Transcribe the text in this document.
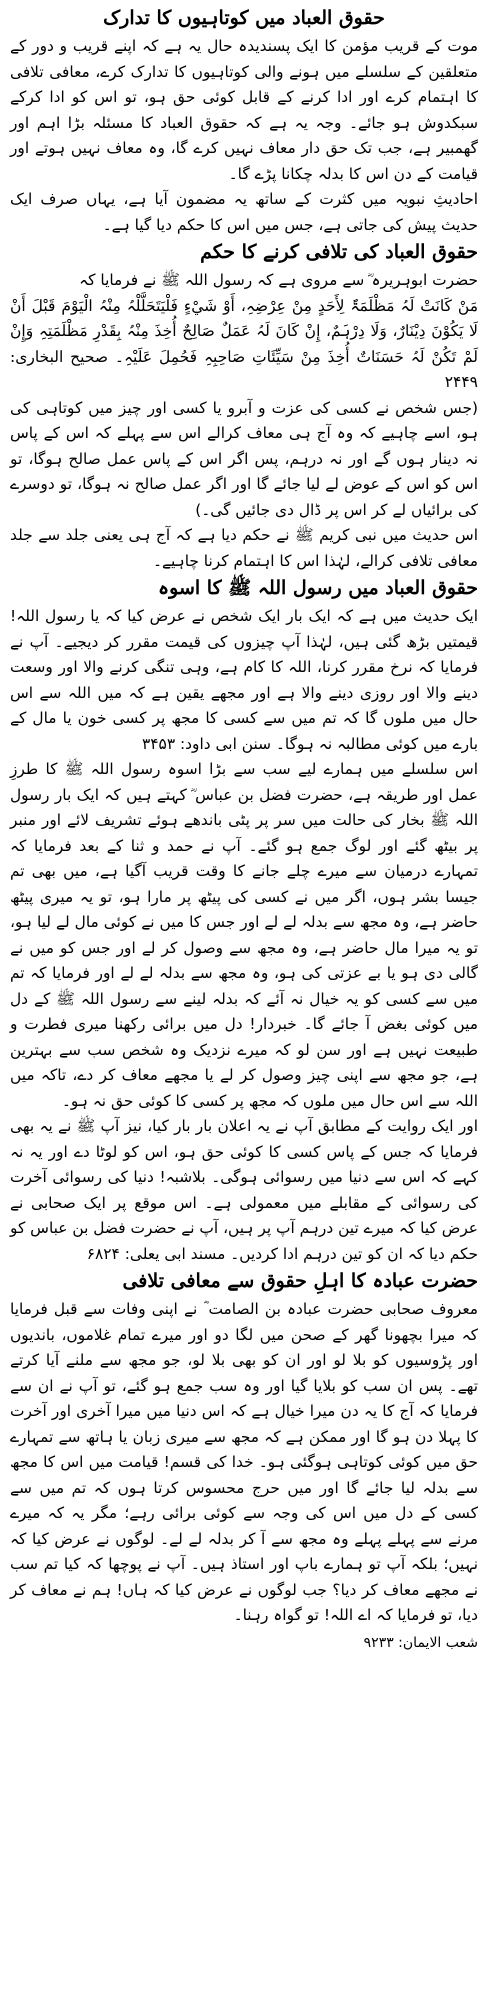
حقوق العباد میں کوتاہیوں کا تدارک

موت کے قریب مؤمن کا ایک پسندیدہ حال یہ ہے کہ اپنے قریب و دور کے متعلقین کے سلسلے میں ہونے والی کوتاہیوں کا تدارک کرے، معافی تلافی کا اہتمام کرے اور ادا کرنے کے قابل کوئی حق ہو، تو اس کو ادا کرکے سبکدوش ہو جائے۔ وجہ یہ ہے کہ حقوق العباد کا مسئلہ بڑا اہم اور گھمبیر ہے، جب تک حق دار معاف نہیں کرے گا، وہ معاف نہیں ہوتے اور قیامت کے دن اس کا بدلہ چکانا پڑے گا۔

احادیثِ نبویہ میں کثرت کے ساتھ یہ مضمون آیا ہے، یہاں صرف ایک حدیث پیش کی جاتی ہے، جس میں اس کا حکم دیا گیا ہے۔

حقوق العباد کی تلافی کرنے کا حکم

حضرت ابوہریرہ ؓ سے مروی ہے کہ رسول اللہ ﷺ نے فرمایا کہ

مَنْ کَانَتْ لَہُ مَظْلَمَۃٌ لِأَحَدٍ مِنْ عِرْضِہِ، أَوْ شَيْءٍ فَلْیَتَحَلَّلْہُ مِنْہُ الْیَوْمَ قَبْلَ أَنْ لَا یَکُوْنَ دِیْنَارٌ، وَلَا دِرْہَمٌ، إِنْ کَانَ لَہُ عَمَلٌ صَالِحٌ أُخِذَ مِنْہُ بِقَدْرِ مَظْلَمَتِہِ وَإِنْ لَمْ تَکُنْ لَہُ حَسَنَاتٌ أُخِذَ مِنْ سَیِّئَاتِ صَاحِبِہِ فَحُمِلَ عَلَیْہِ۔ صحیح البخاری: ۲۴۴۹

(جس شخص نے کسی کی عزت و آبرو یا کسی اور چیز میں کوتاہی کی ہو، اسے چاہیے کہ وہ آج ہی معاف کرالے اس سے پہلے کہ اس کے پاس نہ دینار ہوں گے اور نہ درہم، پس اگر اس کے پاس عمل صالح ہوگا، تو اس کو اس کے عوض لے لیا جائے گا اور اگر عمل صالح نہ ہوگا، تو دوسرے کی برائیاں لے کر اس پر ڈال دی جائیں گی۔)

اس حدیث میں نبی کریم ﷺ نے حکم دیا ہے کہ آج ہی یعنی جلد سے جلد معافی تلافی کرالے، لہٰذا اس کا اہتمام کرنا چاہیے۔

حقوق العباد میں رسول اللہ ﷺ کا اسوہ

ایک حدیث میں ہے کہ ایک بار ایک شخص نے عرض کیا کہ یا رسول اللہ! قیمتیں بڑھ گئی ہیں، لہٰذا آپ چیزوں کی قیمت مقرر کر دیجیے۔ آپ نے فرمایا کہ نرخ مقرر کرنا، اللہ کا کام ہے، وہی تنگی کرنے والا اور وسعت دینے والا اور روزی دینے والا ہے اور مجھے یقین ہے کہ میں اللہ سے اس حال میں ملوں گا کہ تم میں سے کسی کا مجھ پر کسی خون یا مال کے بارے میں کوئی مطالبہ نہ ہوگا۔ سنن ابی داود: ۳۴۵۳

اس سلسلے میں ہمارے لیے سب سے بڑا اسوہ رسول اللہ ﷺ کا طرزِ عمل اور طریقہ ہے، حضرت فضل بن عباس ؓ کہتے ہیں کہ ایک بار رسول اللہ ﷺ بخار کی حالت میں سر پر پٹی باندھے ہوئے تشریف لائے اور منبر پر بیٹھ گئے اور لوگ جمع ہو گئے۔ آپ نے حمد و ثنا کے بعد فرمایا کہ تمہارے درمیان سے میرے چلے جانے کا وقت قریب آگیا ہے، میں بھی تم جیسا بشر ہوں، اگر میں نے کسی کی پیٹھ پر مارا ہو، تو یہ میری پیٹھ حاضر ہے، وہ مجھ سے بدلہ لے لے اور جس کا میں نے کوئی مال لے لیا ہو، تو یہ میرا مال حاضر ہے، وہ مجھ سے وصول کر لے اور جس کو میں نے گالی دی ہو یا بے عزتی کی ہو، وہ مجھ سے بدلہ لے لے اور فرمایا کہ تم میں سے کسی کو یہ خیال نہ آئے کہ بدلہ لینے سے رسول اللہ ﷺ کے دل میں کوئی بغض آ جائے گا۔ خبردار! دل میں برائی رکھنا میری فطرت و طبیعت نہیں ہے اور سن لو کہ میرے نزدیک وہ شخص سب سے بہترین ہے، جو مجھ سے اپنی چیز وصول کر لے یا مجھے معاف کر دے، تاکہ میں اللہ سے اس حال میں ملوں کہ مجھ پر کسی کا کوئی حق نہ ہو۔

اور ایک روایت کے مطابق آپ نے یہ اعلان بار بار کیا، نیز آپ ﷺ نے یہ بھی فرمایا کہ جس کے پاس کسی کا کوئی حق ہو، اس کو لوٹا دے اور یہ نہ کہے کہ اس سے دنیا میں رسوائی ہوگی۔ بلاشبہ! دنیا کی رسوائی آخرت کی رسوائی کے مقابلے میں معمولی ہے۔ اس موقع پر ایک صحابی نے عرض کیا کہ میرے تین درہم آپ پر ہیں، آپ نے حضرت فضل بن عباس کو حکم دیا کہ ان کو تین درہم ادا کردیں۔ مسند ابی یعلی: ۶۸۲۴

حضرت عبادہ کا اہلِ حقوق سے معافی تلافی

معروف صحابی حضرت عبادہ بن الصامت ؓ نے اپنی وفات سے قبل فرمایا کہ میرا بچھونا گھر کے صحن میں لگا دو اور میرے تمام غلاموں، باندیوں اور پڑوسیوں کو بلا لو اور ان کو بھی بلا لو، جو مجھ سے ملنے آیا کرتے تھے۔ پس ان سب کو بلایا گیا اور وہ سب جمع ہو گئے، تو آپ نے ان سے فرمایا کہ آج کا یہ دن میرا خیال ہے کہ اس دنیا میں میرا آخری اور آخرت کا پہلا دن ہو گا اور ممکن ہے کہ مجھ سے میری زبان یا ہاتھ سے تمہارے حق میں کوئی کوتاہی ہوگئی ہو۔ خدا کی قسم! قیامت میں اس کا مجھ سے بدلہ لیا جائے گا اور میں حرج محسوس کرتا ہوں کہ تم میں سے کسی کے دل میں اس کی وجہ سے کوئی برائی رہے؛ مگر یہ کہ میرے مرنے سے پہلے پہلے وہ مجھ سے آ کر بدلہ لے لے۔ لوگوں نے عرض کیا کہ نہیں؛ بلکہ آپ تو ہمارے باپ اور استاذ ہیں۔ آپ نے پوچھا کہ کیا تم سب نے مجھے معاف کر دیا؟ جب لوگوں نے عرض کیا کہ ہاں! ہم نے معاف کر دیا، تو فرمایا کہ اے اللہ! تو گواہ رہنا۔

شعب الایمان: ۹۲۳۳
